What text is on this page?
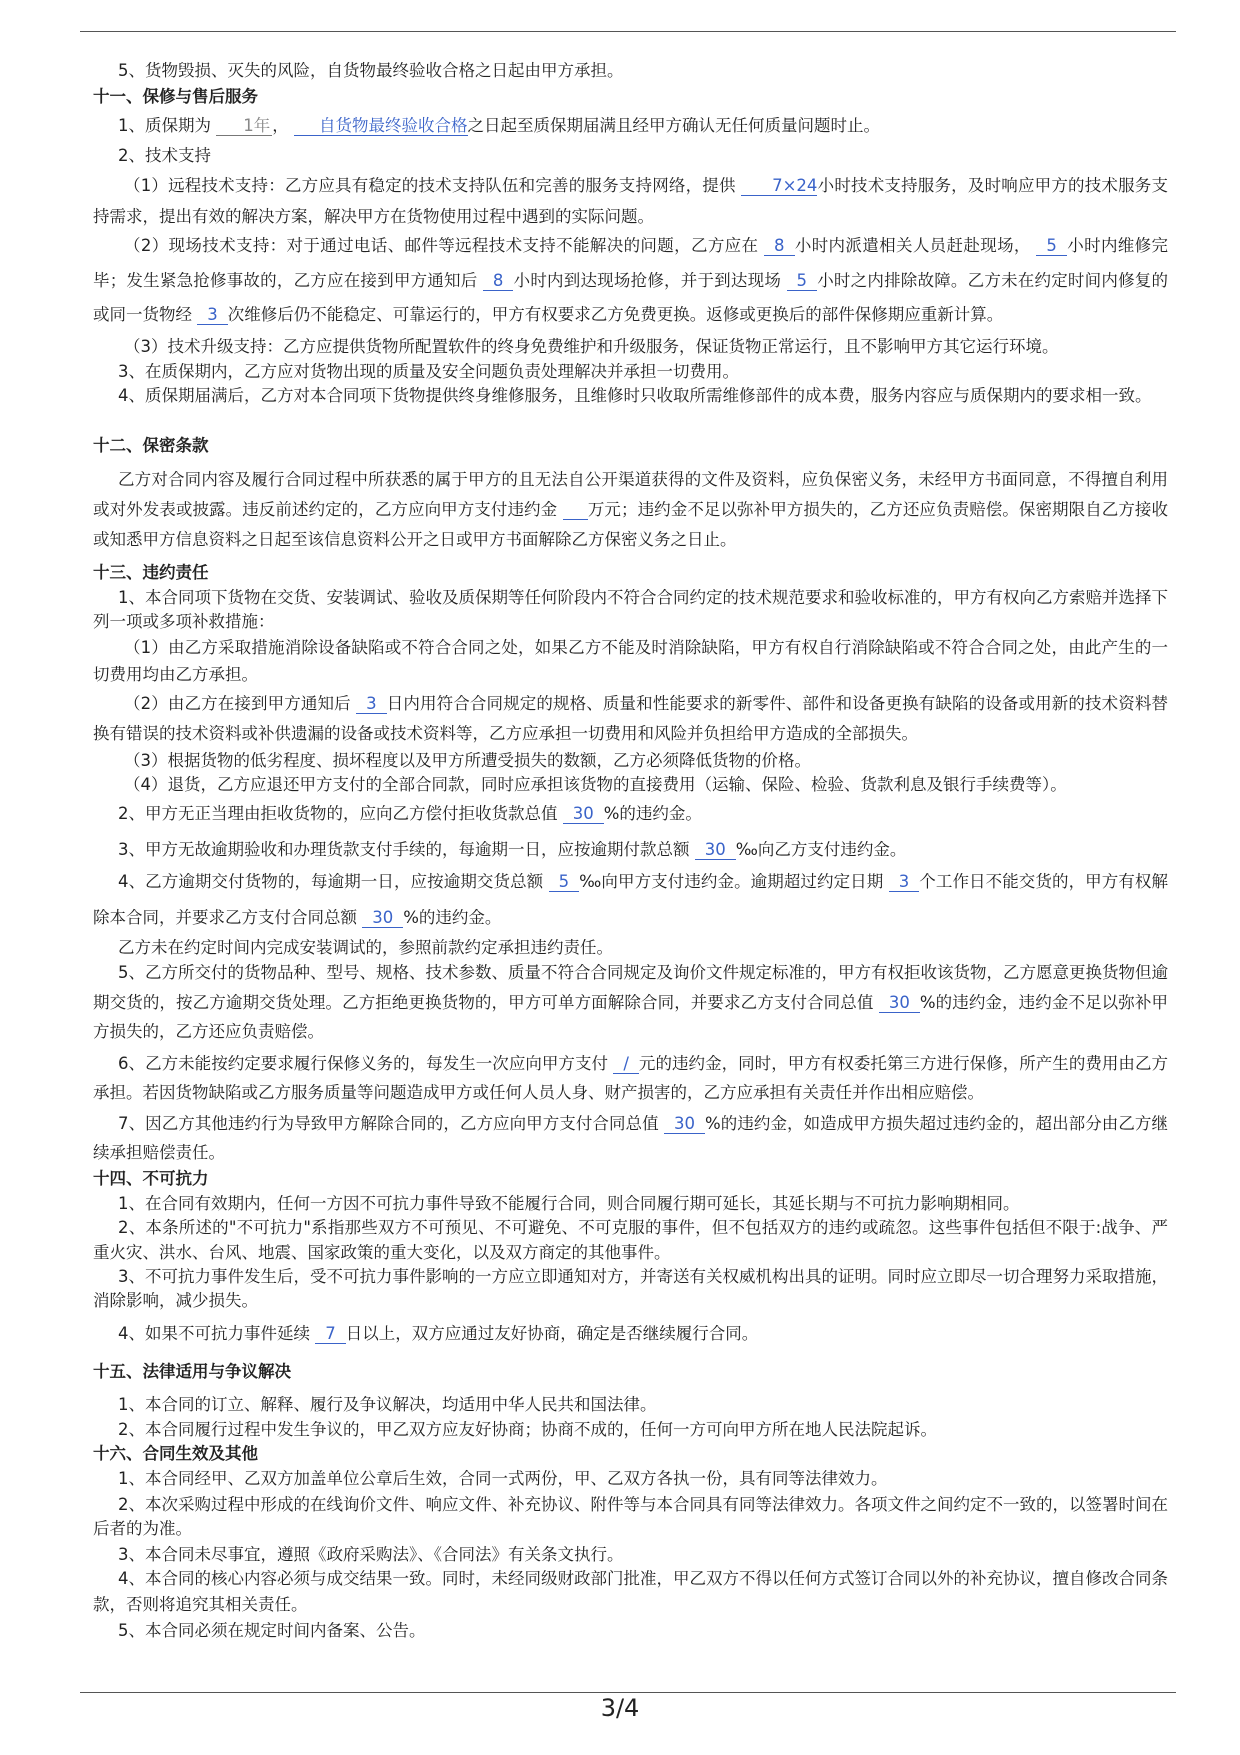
5、货物毁损、灭失的风险，自货物最终验收合格之日起由甲方承担。

十一、保修与售后服务

1、质保期为 1年 ， 自货物最终验收合格之日起至质保期届满且经甲方确认无任何质量问题时止。

2、技术支持

（1）远程技术支持：乙方应具有稳定的技术支持队伍和完善的服务支持网络，提供 7×24小时技术支持服务，及时响应甲方的技术服务支持需求，提出有效的解决方案，解决甲方在货物使用过程中遇到的实际问题。

（2）现场技术支持：对于通过电话、邮件等远程技术支持不能解决的问题，乙方应在 8 小时内派遣相关人员赶赴现场， 5 小时内维修完毕；发生紧急抢修事故的，乙方应在接到甲方通知后 8 小时内到达现场抢修，并于到达现场 5 小时之内排除故障。乙方未在约定时间内修复的或同一货物经 3 次维修后仍不能稳定、可靠运行的，甲方有权要求乙方免费更换。返修或更换后的部件保修期应重新计算。

（3）技术升级支持：乙方应提供货物所配置软件的终身免费维护和升级服务，保证货物正常运行，且不影响甲方其它运行环境。

3、在质保期内，乙方应对货物出现的质量及安全问题负责处理解决并承担一切费用。

4、质保期届满后，乙方对本合同项下货物提供终身维修服务，且维修时只收取所需维修部件的成本费，服务内容应与质保期内的要求相一致。

十二、保密条款

乙方对合同内容及履行合同过程中所获悉的属于甲方的且无法自公开渠道获得的文件及资料，应负保密义务，未经甲方书面同意，不得擅自利用或对外发表或披露。违反前述约定的，乙方应向甲方支付违约金  万元；违约金不足以弥补甲方损失的，乙方还应负责赔偿。保密期限自乙方接收或知悉甲方信息资料之日起至该信息资料公开之日或甲方书面解除乙方保密义务之日止。

十三、违约责任

1、本合同项下货物在交货、安装调试、验收及质保期等任何阶段内不符合合同约定的技术规范要求和验收标准的，甲方有权向乙方索赔并选择下列一项或多项补救措施：

（1）由乙方采取措施消除设备缺陷或不符合合同之处，如果乙方不能及时消除缺陷，甲方有权自行消除缺陷或不符合合同之处，由此产生的一切费用均由乙方承担。

（2）由乙方在接到甲方通知后 3 日内用符合合同规定的规格、质量和性能要求的新零件、部件和设备更换有缺陷的设备或用新的技术资料替换有错误的技术资料或补供遗漏的设备或技术资料等，乙方应承担一切费用和风险并负担给甲方造成的全部损失。

（3）根据货物的低劣程度、损坏程度以及甲方所遭受损失的数额，乙方必须降低货物的价格。

（4）退货，乙方应退还甲方支付的全部合同款，同时应承担该货物的直接费用（运输、保险、检验、货款利息及银行手续费等）。

2、甲方无正当理由拒收货物的，应向乙方偿付拒收货款总值 30 %的违约金。

3、甲方无故逾期验收和办理货款支付手续的，每逾期一日，应按逾期付款总额 30 ‰向乙方支付违约金。

4、乙方逾期交付货物的，每逾期一日，应按逾期交货总额 5 ‰向甲方支付违约金。逾期超过约定日期 3 个工作日不能交货的，甲方有权解除本合同，并要求乙方支付合同总额 30 %的违约金。

乙方未在约定时间内完成安装调试的，参照前款约定承担违约责任。

5、乙方所交付的货物品种、型号、规格、技术参数、质量不符合合同规定及询价文件规定标准的，甲方有权拒收该货物，乙方愿意更换货物但逾期交货的，按乙方逾期交货处理。乙方拒绝更换货物的，甲方可单方面解除合同，并要求乙方支付合同总值 30 %的违约金，违约金不足以弥补甲方损失的，乙方还应负责赔偿。

6、乙方未能按约定要求履行保修义务的，每发生一次应向甲方支付 / 元的违约金，同时，甲方有权委托第三方进行保修，所产生的费用由乙方承担。若因货物缺陷或乙方服务质量等问题造成甲方或任何人员人身、财产损害的，乙方应承担有关责任并作出相应赔偿。

7、因乙方其他违约行为导致甲方解除合同的，乙方应向甲方支付合同总值 30 %的违约金，如造成甲方损失超过违约金的，超出部分由乙方继续承担赔偿责任。

十四、不可抗力

1、在合同有效期内，任何一方因不可抗力事件导致不能履行合同，则合同履行期可延长，其延长期与不可抗力影响期相同。

2、本条所述的"不可抗力"系指那些双方不可预见、不可避免、不可克服的事件，但不包括双方的违约或疏忽。这些事件包括但不限于:战争、严重火灾、洪水、台风、地震、国家政策的重大变化，以及双方商定的其他事件。

3、不可抗力事件发生后，受不可抗力事件影响的一方应立即通知对方，并寄送有关权威机构出具的证明。同时应立即尽一切合理努力采取措施，消除影响，减少损失。

4、如果不可抗力事件延续 7 日以上，双方应通过友好协商，确定是否继续履行合同。

十五、法律适用与争议解决

1、本合同的订立、解释、履行及争议解决，均适用中华人民共和国法律。

2、本合同履行过程中发生争议的，甲乙双方应友好协商；协商不成的，任何一方可向甲方所在地人民法院起诉。

十六、合同生效及其他

1、本合同经甲、乙双方加盖单位公章后生效，合同一式两份，甲、乙双方各执一份，具有同等法律效力。

2、本次采购过程中形成的在线询价文件、响应文件、补充协议、附件等与本合同具有同等法律效力。各项文件之间约定不一致的，以签署时间在后者的为准。

3、本合同未尽事宜，遵照《政府采购法》、《合同法》有关条文执行。

4、本合同的核心内容必须与成交结果一致。同时，未经同级财政部门批准，甲乙双方不得以任何方式签订合同以外的补充协议，擅自修改合同条款，否则将追究其相关责任。

5、本合同必须在规定时间内备案、公告。

3/4
